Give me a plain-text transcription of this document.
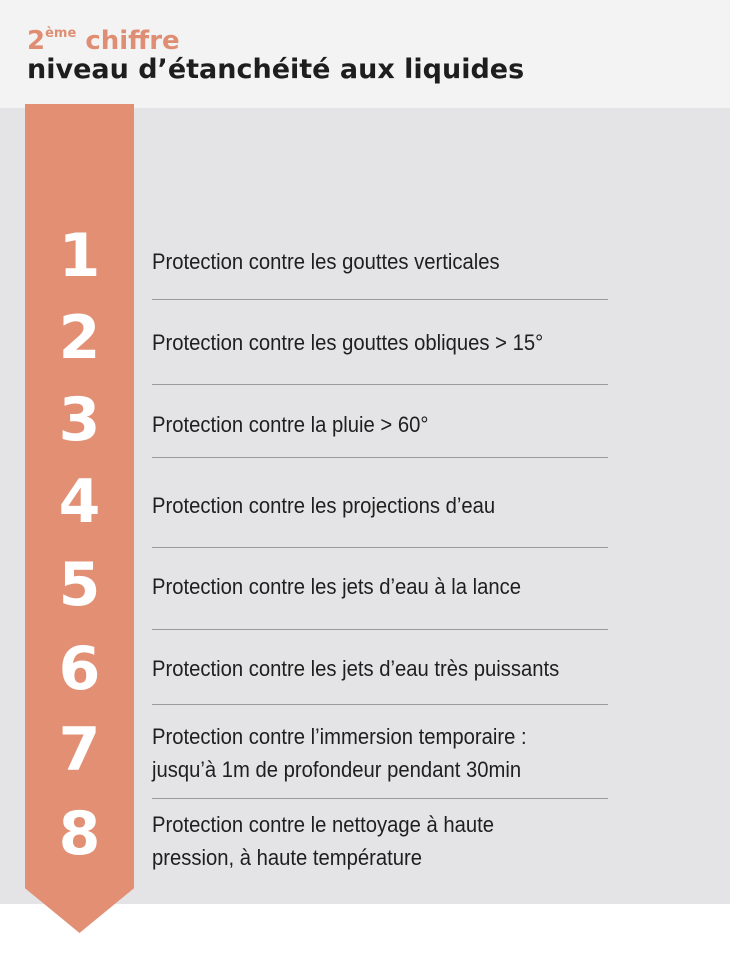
2ème chiffre
niveau d’étanchéité aux liquides
1
2
3
4
5
6
7
8
Protection contre les gouttes verticales
Protection contre les gouttes obliques > 15°
Protection contre la pluie > 60°
Protection contre les projections d’eau
Protection contre les jets d’eau à la lance
Protection contre les jets d’eau très puissants
Protection contre l’immersion temporaire :
jusqu’à 1m de profondeur pendant 30min
Protection contre le nettoyage à haute
pression, à haute température
